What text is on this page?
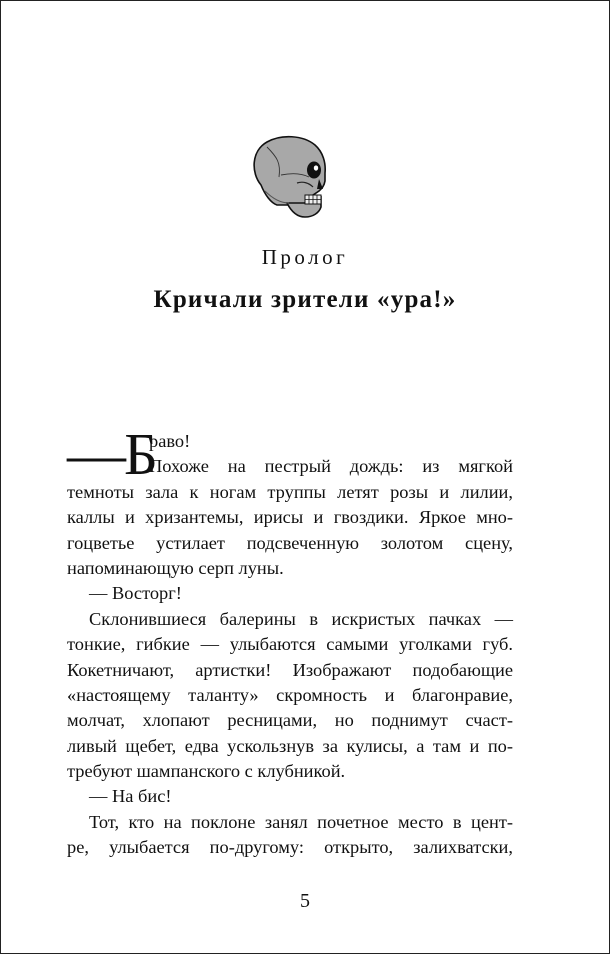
Пролог
Кричали зрители «ура!»
—Б
раво!
Похоже на пестрый дождь: из мягкой
темноты зала к ногам труппы летят розы и лилии,
каллы и хризантемы, ирисы и гвоздики. Яркое мно-
гоцветье устилает подсвеченную золотом сцену,
напоминающую серп луны.
— Восторг!
Склонившиеся балерины в искристых пачках —
тонкие, гибкие — улыбаются самыми уголками губ.
Кокетничают, артистки! Изображают подобающие
«настоящему таланту» скромность и благонравие,
молчат, хлопают ресницами, но поднимут счаст-
ливый щебет, едва ускользнув за кулисы, а там и по-
требуют шампанского с клубникой.
— На бис!
Тот, кто на поклоне занял почетное место в цент-
ре, улыбается по-другому: открыто, залихватски,
5
